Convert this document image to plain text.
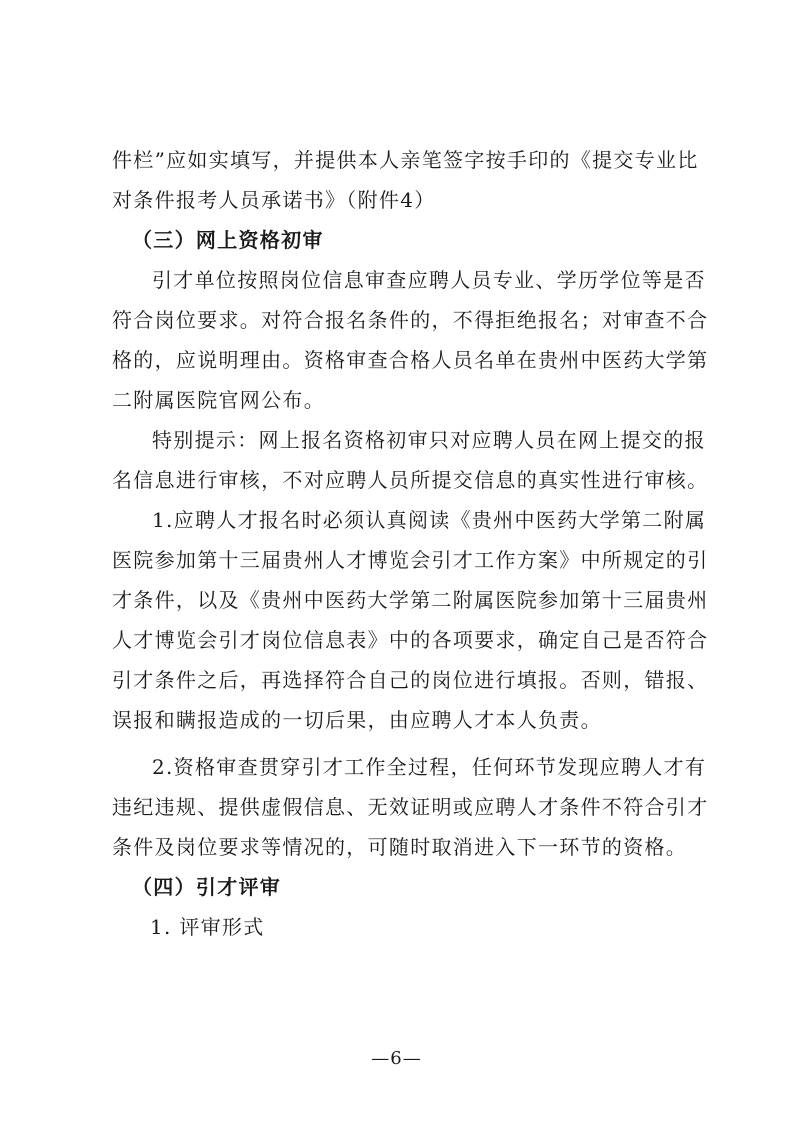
件栏”应如实填写，并提供本人亲笔签字按手印的《提交专业比
对条件报考人员承诺书》（附件4）
（三）网上资格初审
引才单位按照岗位信息审查应聘人员专业、学历学位等是否
符合岗位要求。对符合报名条件的，不得拒绝报名；对审查不合
格的，应说明理由。资格审查合格人员名单在贵州中医药大学第
二附属医院官网公布。
特别提示：网上报名资格初审只对应聘人员在网上提交的报
名信息进行审核，不对应聘人员所提交信息的真实性进行审核。
1.应聘人才报名时必须认真阅读《贵州中医药大学第二附属
医院参加第十三届贵州人才博览会引才工作方案》中所规定的引
才条件，以及《贵州中医药大学第二附属医院参加第十三届贵州
人才博览会引才岗位信息表》中的各项要求，确定自己是否符合
引才条件之后，再选择符合自己的岗位进行填报。否则，错报、
误报和瞒报造成的一切后果，由应聘人才本人负责。
2.资格审查贯穿引才工作全过程，任何环节发现应聘人才有
违纪违规、提供虚假信息、无效证明或应聘人才条件不符合引才
条件及岗位要求等情况的，可随时取消进入下一环节的资格。
（四）引才评审
1. 评审形式
—6—
